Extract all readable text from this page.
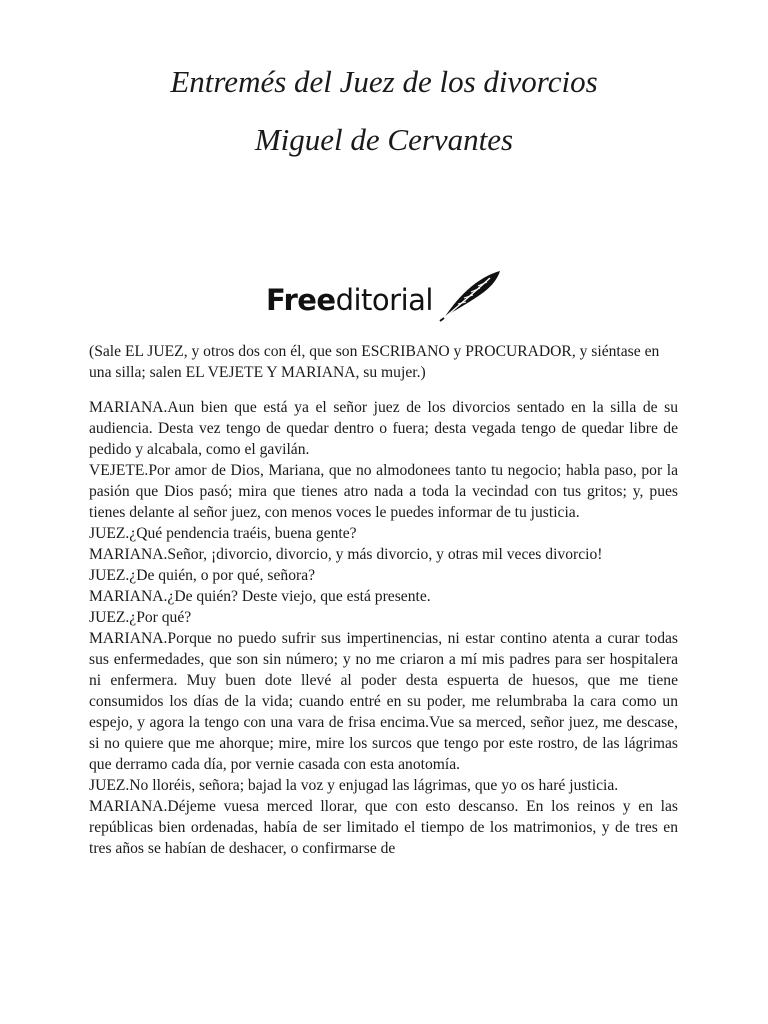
Entremés del Juez de los divorcios
Miguel de Cervantes
Freeditorial

(Sale EL JUEZ, y otros dos con él, que son ESCRIBANO y PROCURADOR, y siéntase en una silla; salen EL VEJETE Y MARIANA, su mujer.)

MARIANA.Aun bien que está ya el señor juez de los divorcios sentado en la silla de su audiencia. Desta vez tengo de quedar dentro o fuera; desta vegada tengo de quedar libre de pedido y alcabala, como el gavilán.

VEJETE.Por amor de Dios, Mariana, que no almodonees tanto tu negocio; habla paso, por la pasión que Dios pasó; mira que tienes atro nada a toda la vecindad con tus gritos; y, pues tienes delante al señor juez, con menos voces le puedes informar de tu justicia.

JUEZ.¿Qué pendencia traéis, buena gente?

MARIANA.Señor, ¡divorcio, divorcio, y más divorcio, y otras mil veces divorcio!

JUEZ.¿De quién, o por qué, señora?

MARIANA.¿De quién? Deste viejo, que está presente.

JUEZ.¿Por qué?

MARIANA.Porque no puedo sufrir sus impertinencias, ni estar contino atenta a curar todas sus enfermedades, que son sin número; y no me criaron a mí mis padres para ser hospitalera ni enfermera. Muy buen dote llevé al poder desta espuerta de huesos, que me tiene consumidos los días de la vida; cuando entré en su poder, me relumbraba la cara como un espejo, y agora la tengo con una vara de frisa encima.Vue sa merced, señor juez, me descase, si no quiere que me ahorque; mire, mire los surcos que tengo por este rostro, de las lágrimas que derramo cada día, por vernie casada con esta anotomía.

JUEZ.No lloréis, señora; bajad la voz y enjugad las lágrimas, que yo os haré justicia.

MARIANA.Déjeme vuesa merced llorar, que con esto descanso. En los reinos y en las repúblicas bien ordenadas, había de ser limitado el tiempo de los matrimonios, y de tres en tres años se habían de deshacer, o confirmarse de
